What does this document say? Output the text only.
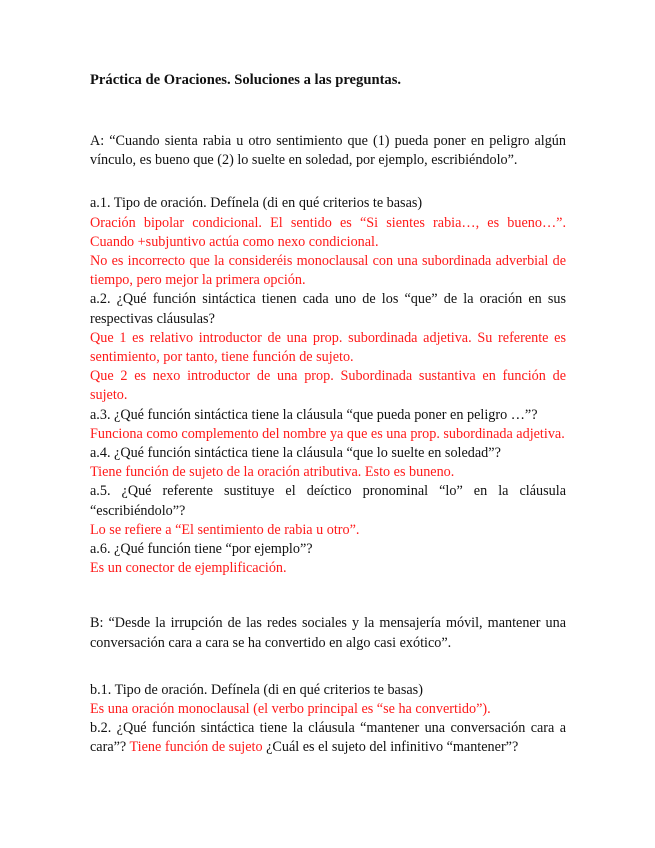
Práctica de Oraciones. Soluciones a las preguntas.

A: “Cuando sienta rabia u otro sentimiento que (1) pueda poner en peligro algún vínculo, es bueno que (2) lo suelte en soledad, por ejemplo, escribiéndolo”.

a.1. Tipo de oración. Defínela (di en qué criterios te basas)

Oración bipolar condicional. El sentido es “Si sientes rabia…, es bueno…”. Cuando +subjuntivo actúa como nexo condicional.

No es incorrecto que la consideréis monoclausal con una subordinada adverbial de tiempo, pero mejor la primera opción.

a.2. ¿Qué función sintáctica tienen cada uno de los “que” de la oración en sus respectivas cláusulas?

Que 1 es relativo introductor de una prop. subordinada adjetiva. Su referente es sentimiento, por tanto, tiene función de sujeto.

Que 2 es nexo introductor de una prop. Subordinada sustantiva en función de sujeto.

a.3. ¿Qué función sintáctica tiene la cláusula “que pueda poner en peligro …”?

Funciona como complemento del nombre ya que es una prop. subordinada adjetiva.

a.4. ¿Qué función sintáctica tiene la cláusula “que lo suelte en soledad”?

Tiene función de sujeto de la oración atributiva. Esto es buneno.

a.5. ¿Qué referente sustituye el deíctico pronominal “lo” en la cláusula “escribiéndolo”?

Lo se refiere a “El sentimiento de rabia u otro”.

a.6. ¿Qué función tiene “por ejemplo”?

Es un conector de ejemplificación.

B: “Desde la irrupción de las redes sociales y la mensajería móvil, mantener una conversación cara a cara se ha convertido en algo casi exótico”.

b.1. Tipo de oración. Defínela (di en qué criterios te basas)

Es una oración monoclausal (el verbo principal es “se ha convertido”).

b.2. ¿Qué función sintáctica tiene la cláusula “mantener una conversación cara a cara”? Tiene función de sujeto ¿Cuál es el sujeto del infinitivo “mantener”?
